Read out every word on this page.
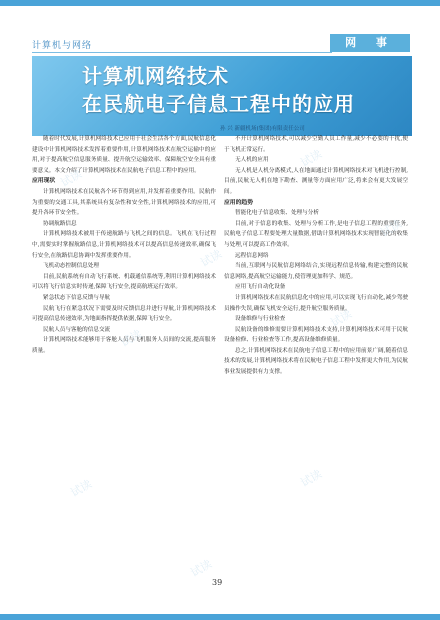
计算机与网络	网 事
计算机网络技术
在民航电子信息工程中的应用
孙 兴 新疆机场(集团)有限责任公司

随着时代发展,计算机网络技术已应用于社会生活各个方面,民航信息化建设中计算机网络技术发挥着重要作用,计算机网络技术在航空运输中的应用,对于提高航空信息服务质量、提升航空运输效率、保障航空安全具有重要意义。本文介绍了计算机网络技术在民航电子信息工程中的应用。

应用现状

计算机网络技术在民航各个环节得到应用,并发挥着重要作用。民航作为重要的交通工具,其系统具有复杂性和安全性,计算机网络技术的应用,可提升各环节安全性。

协调航路信息

计算机网络技术被用于传递航路与飞机之间的信息。飞机在飞行过程中,需要实时掌握航路信息,计算机网络技术可以提高信息传递效率,确保飞行安全,在航路信息协调中发挥重要作用。

飞机动态控制信息处理

目前,民航系统有自动飞行系统、机载通信系统等,利用计算机网络技术可以将飞行信息实时传递,保障飞行安全,提高航班运行效率。

紧急状态下信息反馈与导航

民航飞行在紧急状况下需要及时反馈信息并进行导航,计算机网络技术可提高信息传递效率,为地面指挥提供依据,保障飞行安全。

民航人员与客舱的信息交流

计算机网络技术能够用于客舱人员与飞机服务人员间的交流,提高服务质量。

不开计算机网络技术,可以减少空勤人员工作量,减少不必要的干扰,便于飞机正常运行。

无人机的应用

无人机是人机分离模式,人在地面通过计算机网络技术对飞机进行控制,目前,民航无人机在地下勘查、测量等方面应用广泛,将来会有更大发展空间。

应用的趋势
智能化电子信息收集、处理与分析

目前,对于信息的收集、处理与分析工作,是电子信息工程的重要任务,民航电子信息工程要处理大量数据,借助计算机网络技术实现智能化的收集与处理,可以提高工作效率。

远程信息网络

当前,互联网与民航信息网络结合,实现远程信息传输,构建完整的民航信息网络,提高航空运输能力,使管理更加科学、规范。

应用飞行自动化设备

计算机网络技术在民航信息化中的应用,可以实现飞行自动化,减少驾驶员操作失误,确保飞机安全运行,提升航空服务质量。

设备维修与行业检查

民航设备的维修需要计算机网络技术支持,计算机网络技术可用于民航设备检修、行业检查等工作,提高设备维修质量。

总之,计算机网络技术在民航电子信息工程中的应用前景广阔,随着信息技术的发展,计算机网络技术将在民航电子信息工程中发挥更大作用,为民航事业发展提供有力支撑。

试读
试读
试读
试读
试读	试读
试读
试读
试读
39
